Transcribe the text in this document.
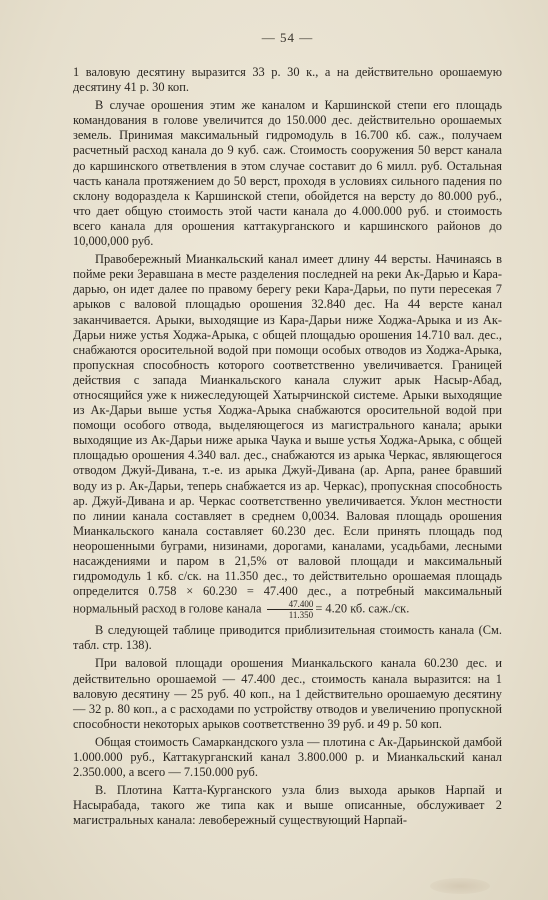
— 54 —

1 валовую десятину выразится 33 р. 30 к., а на действительно орошаемую десятину 41 р. 30 коп.

В случае орошения этим же каналом и Каршинской степи его площадь командования в голове увеличится до 150.000 дес. действительно орошаемых земель. Принимая максимальный гидромодуль в 16.700 кб. саж., получаем расчетный расход канала до 9 куб. саж. Стоимость сооружения 50 верст канала до каршинского ответвления в этом случае составит до 6 милл. руб. Остальная часть канала протяжением до 50 верст, проходя в условиях сильного падения по склону водораздела к Каршинской степи, обойдется на версту до 80.000 руб., что дает общую стоимость этой части канала до 4.000.000 руб. и стоимость всего канала для орошения каттакурганского и каршинского районов до 10,000,000 руб.

Правобережный Мианкальский канал имеет длину 44 версты. Начинаясь в пойме реки Зеравшана в месте разделения последней на реки Ак-Дарью и Кара-дарью, он идет далее по правому берегу реки Кара-Дарьи, по пути пересекая 7 арыков с валовой площадью орошения 32.840 дес. На 44 версте канал заканчивается. Арыки, выходящие из Кара-Дарьи ниже Ходжа-Арыка и из Ак-Дарьи ниже устья Ходжа-Арыка, с общей площадью орошения 14.710 вал. дес., снабжаются оросительной водой при помощи особых отводов из Ходжа-Арыка, пропускная способность которого соответственно увеличивается. Границей действия с запада Мианкальского канала служит арык Насыр-Абад, относящийся уже к нижеследующей Хатырчинской системе. Арыки выходящие из Ак-Дарьи выше устья Ходжа-Арыка снабжаются оросительной водой при помощи особого отвода, выделяющегося из магистрального канала; арыки выходящие из Ак-Дарьи ниже арыка Чаука и выше устья Ходжа-Арыка, с общей площадью орошения 4.340 вал. дес., снабжаются из арыка Черкас, являющегося отводом Джуй-Дивана, т.-е. из арыка Джуй-Дивана (ар. Арпа, ранее бравший воду из р. Ак-Дарьи, теперь снабжается из ар. Черкас), пропускная способность ар. Джуй-Дивана и ар. Черкас соответственно увеличивается. Уклон местности по линии канала составляет в среднем 0,0034. Валовая площадь орошения Мианкальского канала составляет 60.230 дес. Если принять площадь под неорошенными буграми, низинами, дорогами, каналами, усадьбами, лесными насаждениями и паром в 21,5% от валовой площади и максимальный гидромодуль 1 кб. с/ск. на 11.350 дес., то действительно орошаемая площадь определится 0.758 × 60.230 = 47.400 дес., а потребный максимальный нормальный расход в голове канала $\frac{47.400}{11.350} = 4.20$ кб. саж./ск.

В следующей таблице приводится приблизительная стоимость канала (См. табл. стр. 138).

При валовой площади орошения Мианкальского канала 60.230 дес. и действительно орошаемой — 47.400 дес., стоимость канала выразится: на 1 валовую десятину — 25 руб. 40 коп., на 1 действительно орошаемую десятину — 32 р. 80 коп., а с расходами по устройству отводов и увеличению пропускной способности некоторых арыков соответственно 39 руб. и 49 р. 50 коп.

Общая стоимость Самаркандского узла — плотина с Ак-Дарьинской дамбой 1.000.000 руб., Каттакурганский канал 3.800.000 р. и Мианкальский канал 2.350.000, а всего — 7.150.000 руб.

В. Плотина Катта-Курганского узла близ выхода арыков Нарпай и Насырабада, такого же типа как и выше описанные, обслуживает 2 магистральных канала: левобережный существующий Нарпай-
